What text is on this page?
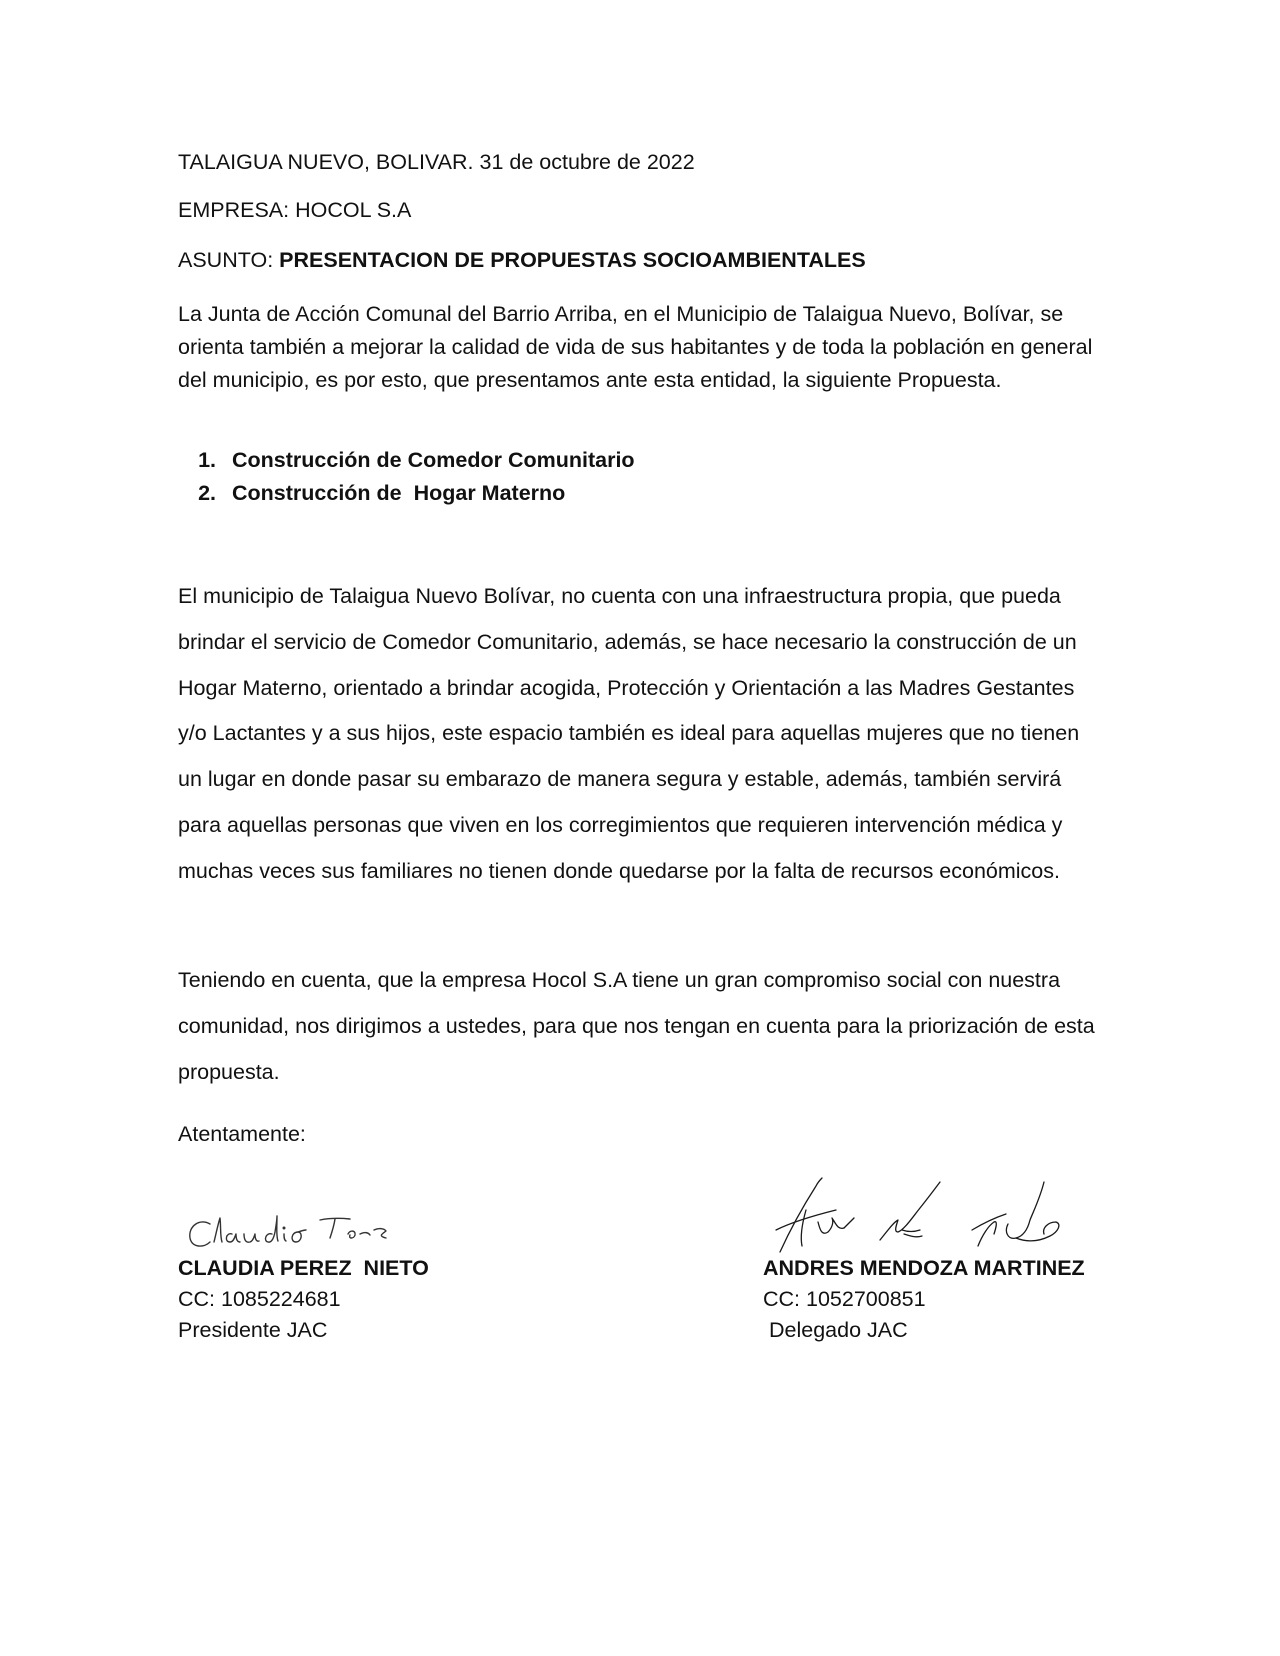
TALAIGUA NUEVO, BOLIVAR. 31 de octubre de 2022
EMPRESA: HOCOL S.A
ASUNTO: PRESENTACION DE PROPUESTAS SOCIOAMBIENTALES
La Junta de Acción Comunal del Barrio Arriba, en el Municipio de Talaigua Nuevo, Bolívar, se orienta también a mejorar la calidad de vida de sus habitantes y de toda la población en general del municipio, es por esto, que presentamos ante esta entidad, la siguiente Propuesta.
1. Construcción de Comedor Comunitario
2. Construcción de  Hogar Materno
El municipio de Talaigua Nuevo Bolívar, no cuenta con una infraestructura propia, que pueda brindar el servicio de Comedor Comunitario, además, se hace necesario la construcción de un Hogar Materno, orientado a brindar acogida, Protección y Orientación a las Madres Gestantes y/o Lactantes y a sus hijos, este espacio también es ideal para aquellas mujeres que no tienen un lugar en donde pasar su embarazo de manera segura y estable, además, también servirá para aquellas personas que viven en los corregimientos que requieren intervención médica y muchas veces sus familiares no tienen donde quedarse por la falta de recursos económicos.
Teniendo en cuenta, que la empresa Hocol S.A tiene un gran compromiso social con nuestra comunidad, nos dirigimos a ustedes, para que nos tengan en cuenta para la priorización de esta propuesta.
Atentamente:
CLAUDIA PEREZ  NIETO
CC: 1085224681
Presidente JAC
ANDRES MENDOZA MARTINEZ
CC: 1052700851
Delegado JAC
